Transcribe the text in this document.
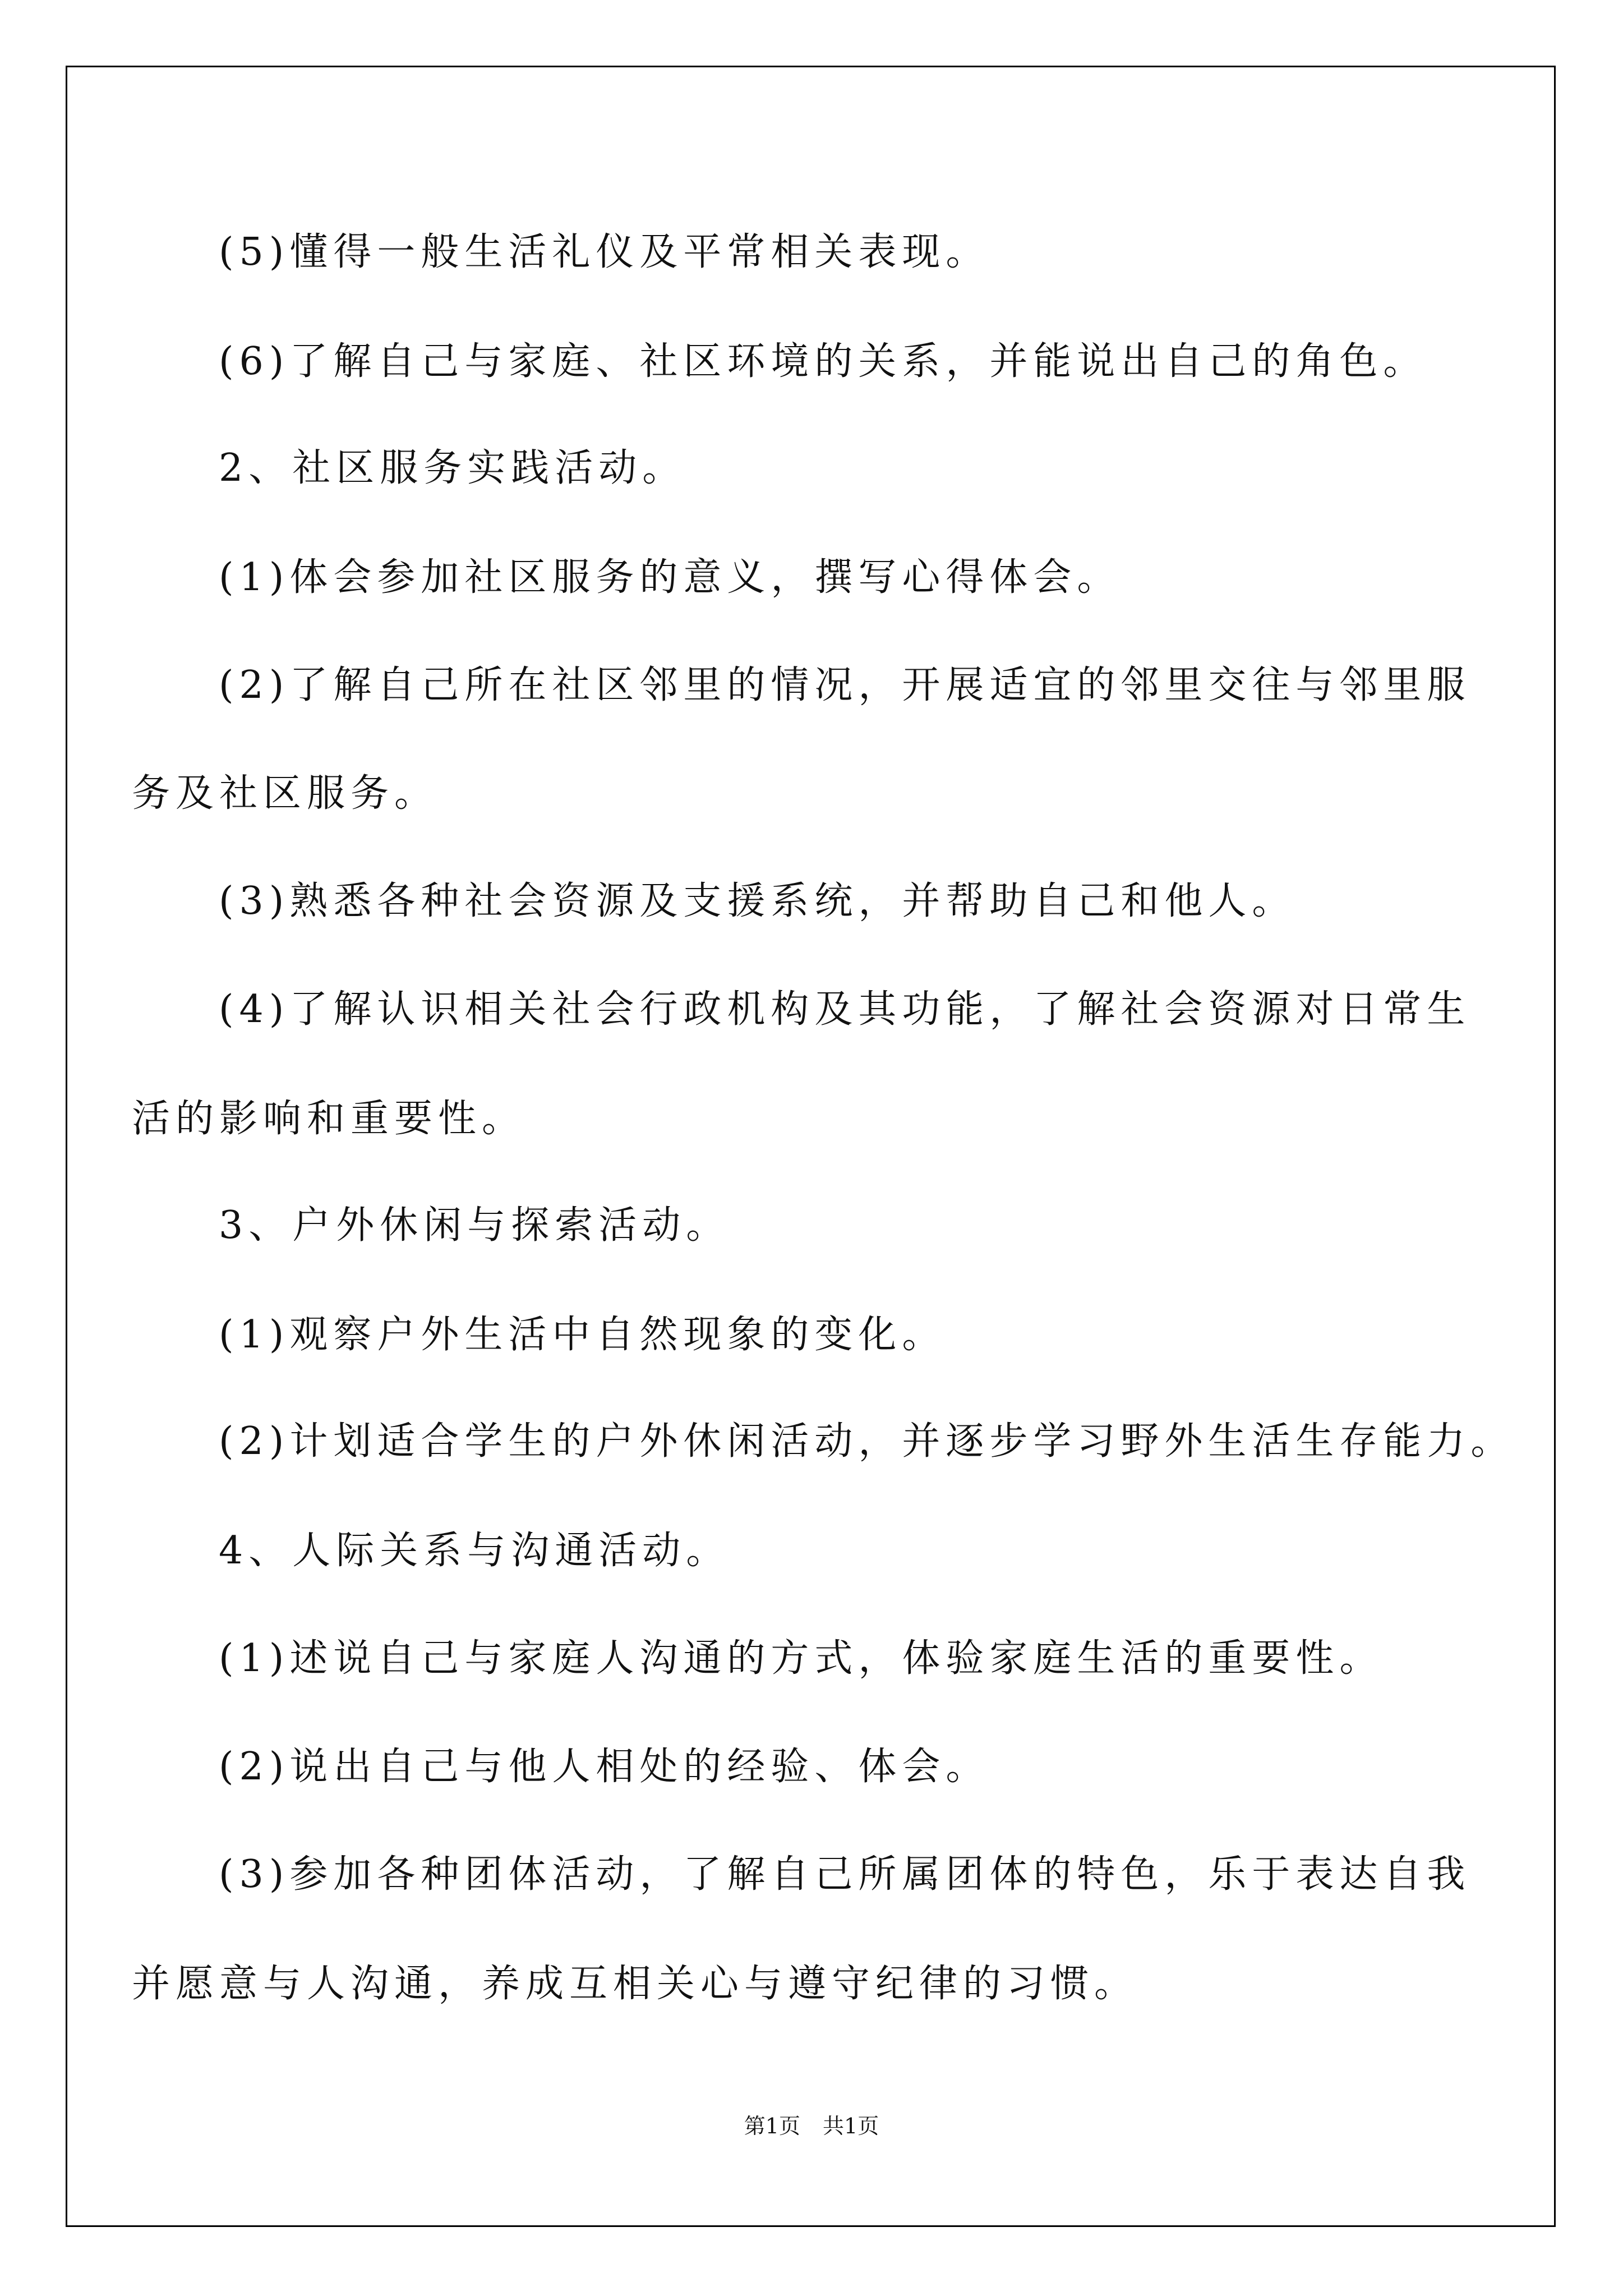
(5)懂得一般生活礼仪及平常相关表现。
(6)了解自己与家庭、社区环境的关系，并能说出自己的角色。
2、社区服务实践活动。
(1)体会参加社区服务的意义，撰写心得体会。
(2)了解自己所在社区邻里的情况，开展适宜的邻里交往与邻里服
务及社区服务。
(3)熟悉各种社会资源及支援系统，并帮助自己和他人。
(4)了解认识相关社会行政机构及其功能，了解社会资源对日常生
活的影响和重要性。
3、户外休闲与探索活动。
(1)观察户外生活中自然现象的变化。
(2)计划适合学生的户外休闲活动，并逐步学习野外生活生存能力。
4、人际关系与沟通活动。
(1)述说自己与家庭人沟通的方式，体验家庭生活的重要性。
(2)说出自己与他人相处的经验、体会。
(3)参加各种团体活动，了解自己所属团体的特色，乐于表达自我
并愿意与人沟通，养成互相关心与遵守纪律的习惯。
第1页 共1页
